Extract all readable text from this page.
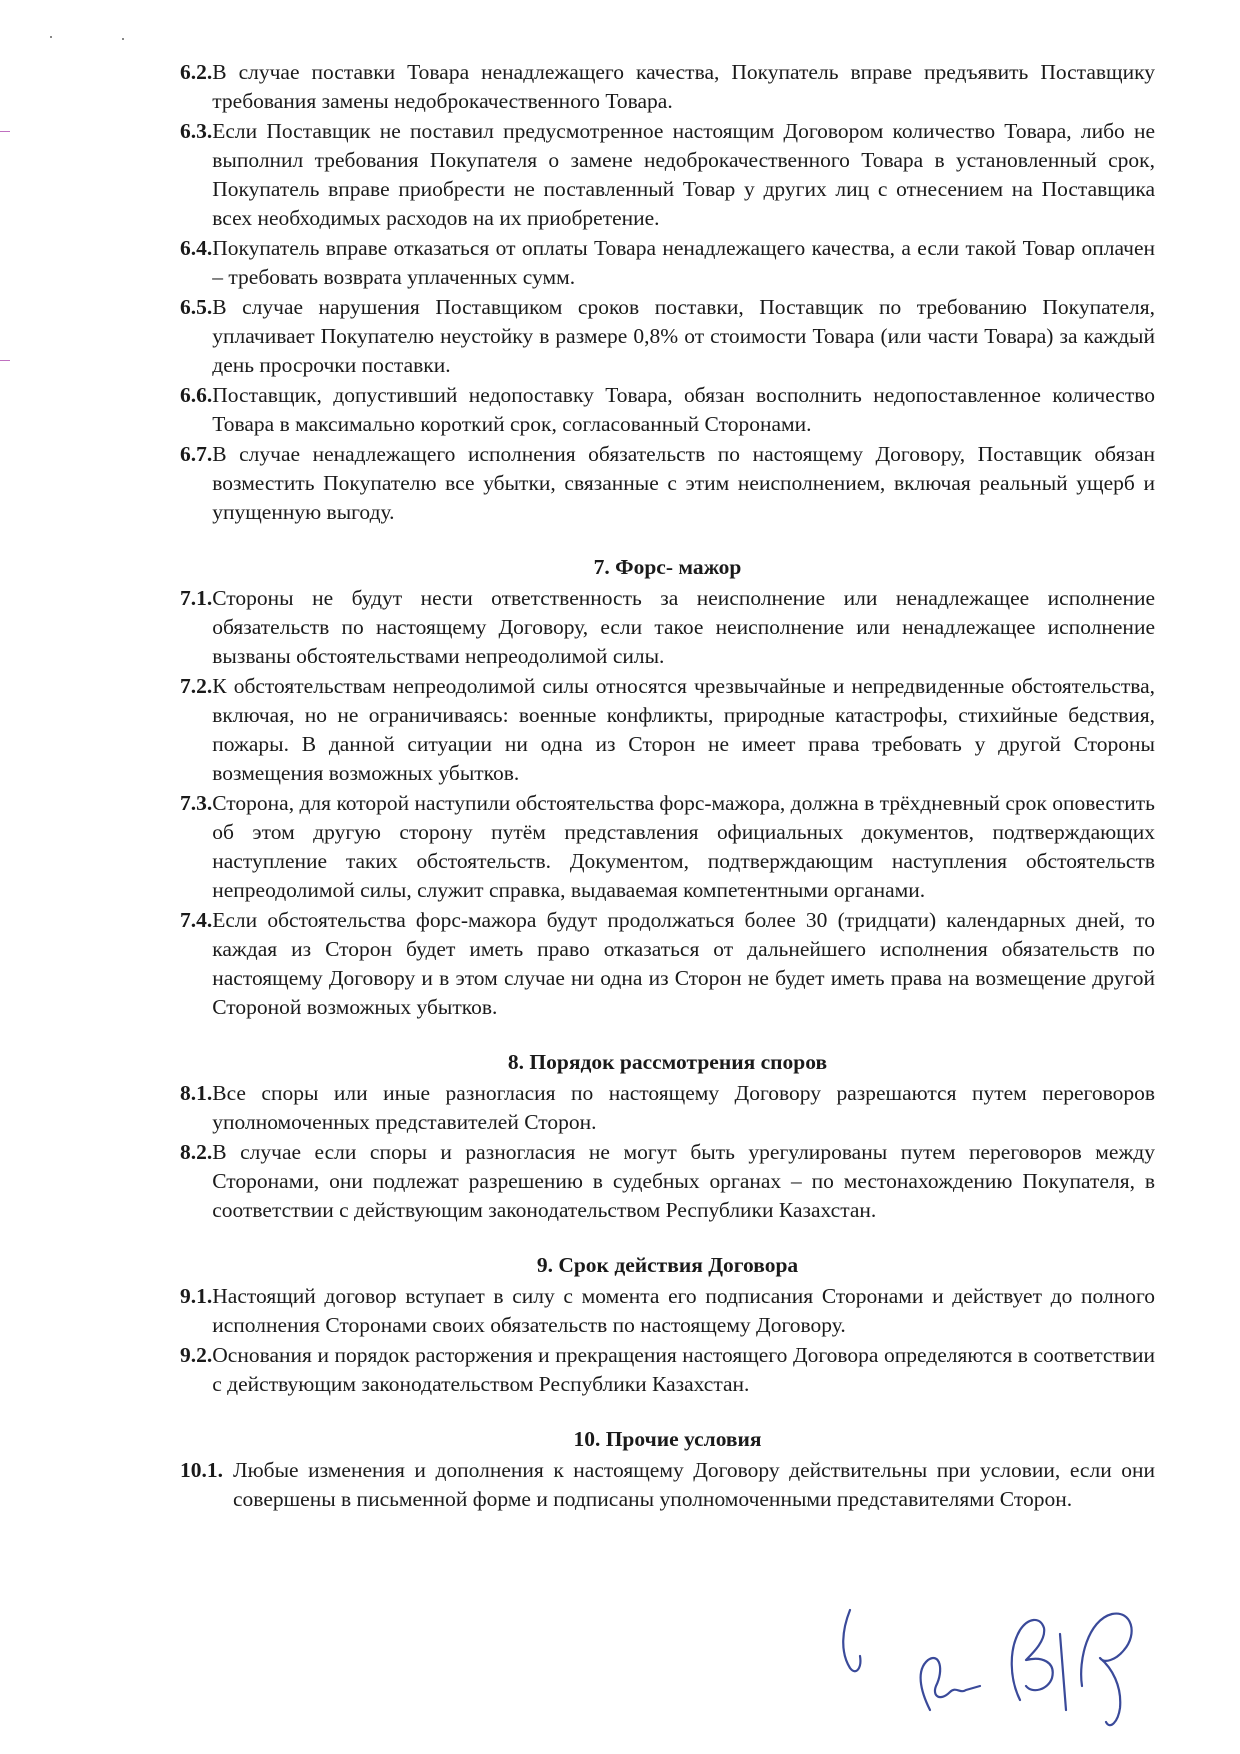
6.2. В случае поставки Товара ненадлежащего качества, Покупатель вправе предъявить Поставщику требования замены недоброкачественного Товара.
6.3. Если Поставщик не поставил предусмотренное настоящим Договором количество Товара, либо не выполнил требования Покупателя о замене недоброкачественного Товара в установленный срок, Покупатель вправе приобрести не поставленный Товар у других лиц с отнесением на Поставщика всех необходимых расходов на их приобретение.
6.4. Покупатель вправе отказаться от оплаты Товара ненадлежащего качества, а если такой Товар оплачен – требовать возврата уплаченных сумм.
6.5. В случае нарушения Поставщиком сроков поставки, Поставщик по требованию Покупателя, уплачивает Покупателю неустойку в размере 0,8% от стоимости Товара (или части Товара) за каждый день просрочки поставки.
6.6. Поставщик, допустивший недопоставку Товара, обязан восполнить недопоставленное количество Товара в максимально короткий срок, согласованный Сторонами.
6.7. В случае ненадлежащего исполнения обязательств по настоящему Договору, Поставщик обязан возместить Покупателю все убытки, связанные с этим неисполнением, включая реальный ущерб и упущенную выгоду.
7. Форс- мажор
7.1. Стороны не будут нести ответственность за неисполнение или ненадлежащее исполнение обязательств по настоящему Договору, если такое неисполнение или ненадлежащее исполнение вызваны обстоятельствами непреодолимой силы.
7.2. К обстоятельствам непреодолимой силы относятся чрезвычайные и непредвиденные обстоятельства, включая, но не ограничиваясь: военные конфликты, природные катастрофы, стихийные бедствия, пожары. В данной ситуации ни одна из Сторон не имеет права требовать у другой Стороны возмещения возможных убытков.
7.3. Сторона, для которой наступили обстоятельства форс-мажора, должна в трёхдневный срок оповестить об этом другую сторону путём представления официальных документов, подтверждающих наступление таких обстоятельств. Документом, подтверждающим наступления обстоятельств непреодолимой силы, служит справка, выдаваемая компетентными органами.
7.4. Если обстоятельства форс-мажора будут продолжаться более 30 (тридцати) календарных дней, то каждая из Сторон будет иметь право отказаться от дальнейшего исполнения обязательств по настоящему Договору и в этом случае ни одна из Сторон не будет иметь права на возмещение другой Стороной возможных убытков.
8. Порядок рассмотрения споров
8.1. Все споры или иные разногласия по настоящему Договору разрешаются путем переговоров уполномоченных представителей Сторон.
8.2. В случае если споры и разногласия не могут быть урегулированы путем переговоров между Сторонами, они подлежат разрешению в судебных органах – по местонахождению Покупателя, в соответствии с действующим законодательством Республики Казахстан.
9. Срок действия Договора
9.1. Настоящий договор вступает в силу с момента его подписания Сторонами и действует до полного исполнения Сторонами своих обязательств по настоящему Договору.
9.2. Основания и порядок расторжения и прекращения настоящего Договора определяются в соответствии с действующим законодательством Республики Казахстан.
10. Прочие условия
10.1. Любые изменения и дополнения к настоящему Договору действительны при условии, если они совершены в письменной форме и подписаны уполномоченными представителями Сторон.
